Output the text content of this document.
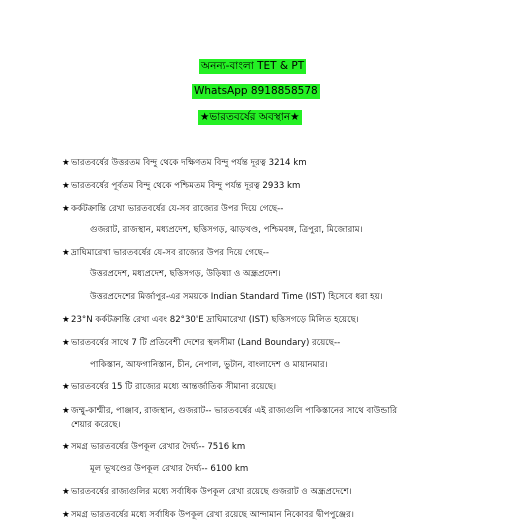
অনন্য-বাংলা TET & PT
WhatsApp 8918858578
★ভারতবর্ষের অবস্থান★
★ভারতবর্ষের উত্তরতম বিন্দু থেকে দক্ষিণতম বিন্দু পর্যন্ত দূরত্ব 3214 km
★ভারতবর্ষের পূর্বতম বিন্দু থেকে পশ্চিমতম বিন্দু পর্যন্ত দূরত্ব 2933 km
★কর্কটক্রান্তি রেখা ভারতবর্ষের যে-সব রাজ্যের উপর দিয়ে গেছে--
গুজরাট, রাজস্থান, মধ্যপ্রদেশ, ছত্তিসগড়, ঝাড়খণ্ড, পশ্চিমবঙ্গ, ত্রিপুরা, মিজোরাম।
★দ্রাঘিমারেখা ভারতবর্ষের যে-সব রাজ্যের উপর দিয়ে গেছে--
উত্তরপ্রদেশ, মধ্যপ্রদেশ, ছত্তিসগড়, উড়িষ্যা ও অন্ধ্রপ্রদেশ।
উত্তরপ্রদেশের মির্জাপুর-এর সময়কে Indian Standard Time (IST) হিসেবে ধরা হয়।
★23°N কর্কটক্রান্তি রেখা এবং 82°30'E দ্রাঘিমারেখা (IST) ছত্তিসগড়ে মিলিত হয়েছে।
★ভারতবর্ষের সাথে 7 টি প্রতিবেশী দেশের স্থলসীমা (Land Boundary) রয়েছে--
পাকিস্তান, আফগানিস্তান, চীন, নেপাল, ভুটান, বাংলাদেশ ও মায়ানমার।
★ভারতবর্ষের 15 টি রাজ্যের মধ্যে আন্তর্জাতিক সীমানা রয়েছে।
★জম্মু-কাশ্মীর, পাঞ্জাব, রাজস্থান, গুজরাট-- ভারতবর্ষের এই রাজ্যগুলি পাকিস্তানের সাথে বাউন্ডারি
শেয়ার করেছে।
★সমগ্র ভারতবর্ষের উপকূল রেখার দৈর্ঘ্য-- 7516 km
মূল ভূখণ্ডের উপকূল রেখার দৈর্ঘ্য-- 6100 km
★ভারতবর্ষের রাজ্যগুলির মধ্যে সর্বাধিক উপকূল রেখা রয়েছে গুজরাট ও অন্ধ্রপ্রদেশে।
★সমগ্র ভারতবর্ষের মধ্যে সর্বাধিক উপকূল রেখা রয়েছে আন্দামান নিকোবর দ্বীপপুঞ্জের।
